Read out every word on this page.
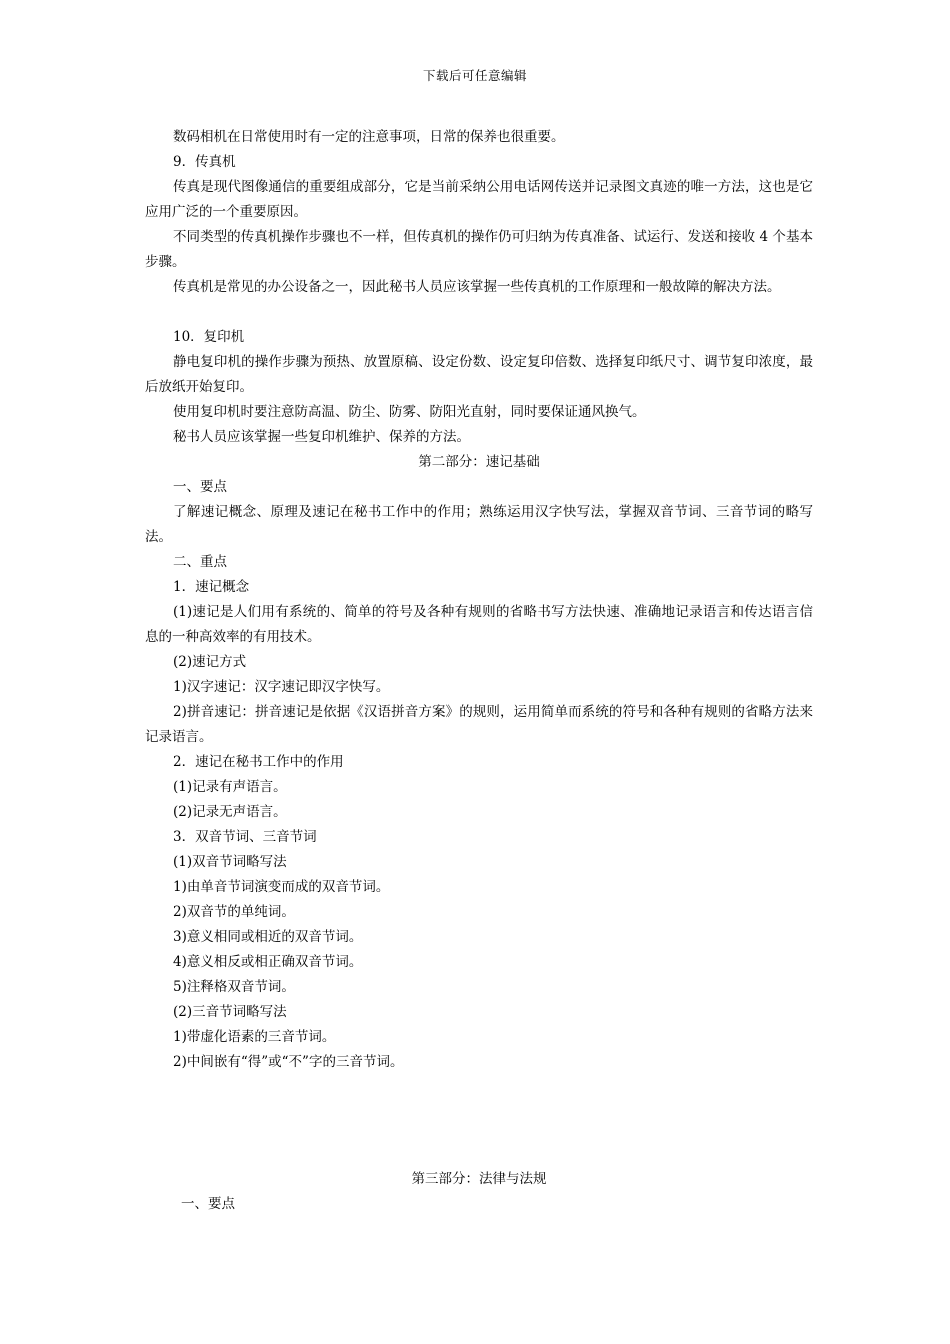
下载后可任意编辑

数码相机在日常使用时有一定的注意事项，日常的保养也很重要。

9．传真机

传真是现代图像通信的重要组成部分，它是当前采纳公用电话网传送并记录图文真迹的唯一方法，这也是它应用广泛的一个重要原因。

不同类型的传真机操作步骤也不一样，但传真机的操作仍可归纳为传真准备、试运行、发送和接收 4 个基本步骤。

传真机是常见的办公设备之一，因此秘书人员应该掌握一些传真机的工作原理和一般故障的解决方法。

10．复印机

静电复印机的操作步骤为预热、放置原稿、设定份数、设定复印倍数、选择复印纸尺寸、调节复印浓度，最后放纸开始复印。

使用复印机时要注意防高温、防尘、防雾、防阳光直射，同时要保证通风换气。

秘书人员应该掌握一些复印机维护、保养的方法。

第二部分：速记基础

一、要点

了解速记概念、原理及速记在秘书工作中的作用；熟练运用汉字快写法，掌握双音节词、三音节词的略写法。

二、重点

1．速记概念

(1)速记是人们用有系统的、简单的符号及各种有规则的省略书写方法快速、准确地记录语言和传达语言信息的一种高效率的有用技术。

(2)速记方式

1)汉字速记：汉字速记即汉字快写。

2)拼音速记：拼音速记是依据《汉语拼音方案》的规则，运用简单而系统的符号和各种有规则的省略方法来记录语言。

2．速记在秘书工作中的作用

(1)记录有声语言。

(2)记录无声语言。

3．双音节词、三音节词

(1)双音节词略写法

1)由单音节词演变而成的双音节词。

2)双音节的单纯词。

3)意义相同或相近的双音节词。

4)意义相反或相正确双音节词。

5)注释格双音节词。

(2)三音节词略写法

1)带虚化语素的三音节词。

2)中间嵌有“得”或“不”字的三音节词。

第三部分：法律与法规

一、要点
